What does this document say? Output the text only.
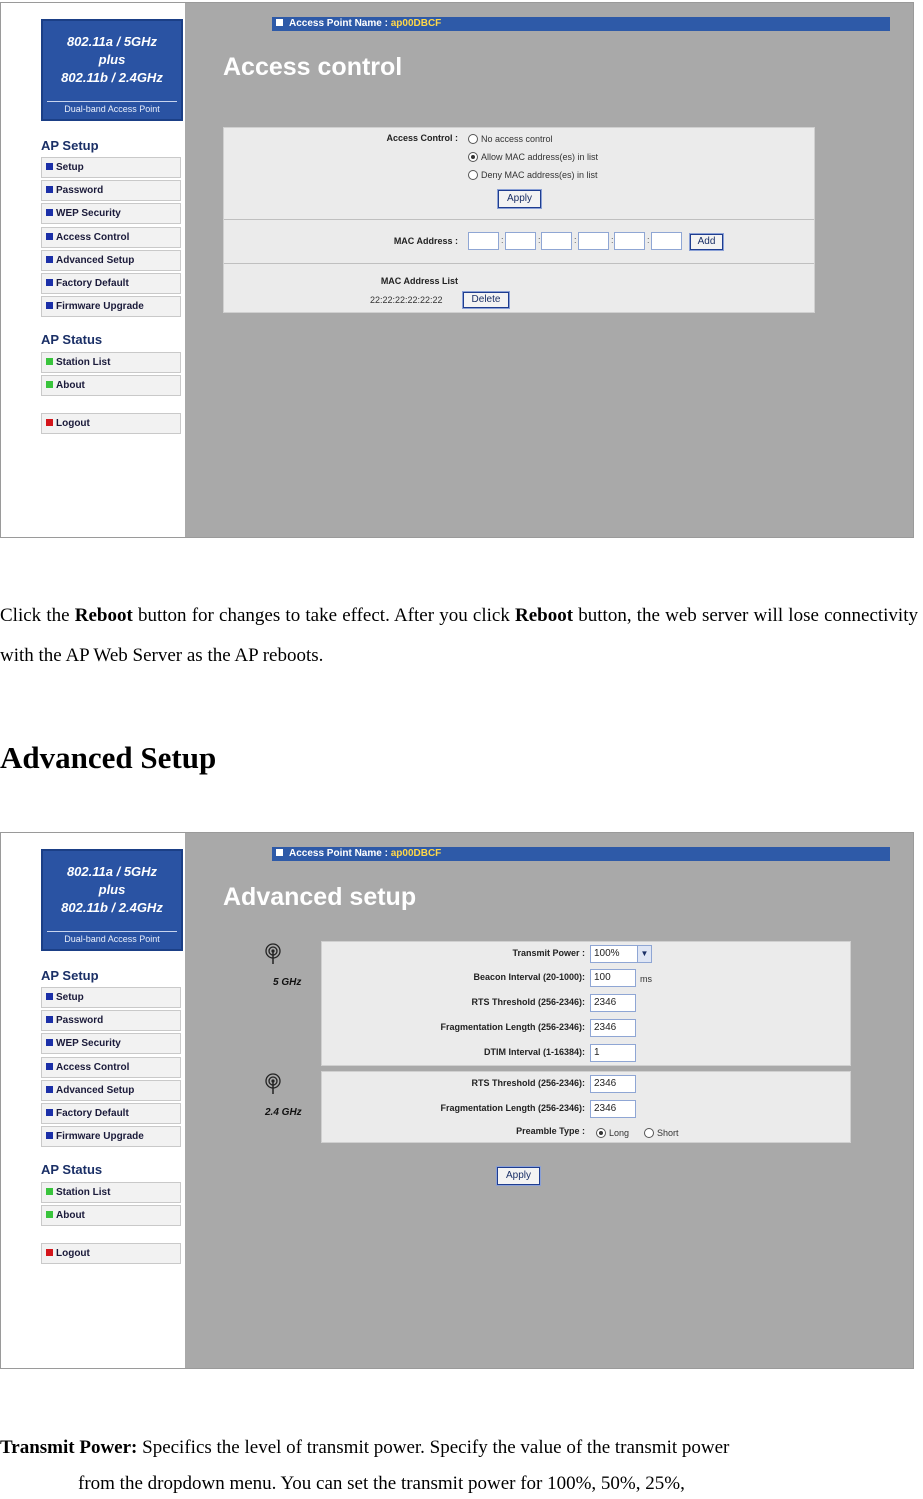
802.11a / 5GHz
plus
802.11b / 2.4GHz
Dual-band Access Point
AP Setup
Setup
Password
WEP Security
Access Control
Advanced Setup
Factory Default
Firmware Upgrade
AP Status
Station List
About
Logout
Access Point Name : ap00DBCF
Access control
Access Control :	No access control
Allow MAC address(es) in list
Deny MAC address(es) in list
Apply
MAC Address :	:	:	:	:	:	Add
MAC Address List
22:22:22:22:22:22	Delete
Click the Reboot button for changes to take effect. After you click Reboot button, the web server will lose connectivity with the AP Web Server as the AP reboots.
Advanced Setup
802.11a / 5GHz
plus
802.11b / 2.4GHz
Dual-band Access Point
AP Setup
Setup
Password
WEP Security
Access Control
Advanced Setup
Factory Default
Firmware Upgrade
AP Status
Station List
About
Logout
Access Point Name : ap00DBCF
Advanced setup
5 GHz
Transmit Power : 100%	▼
Beacon Interval (20-1000): 100	ms
RTS Threshold (256-2346): 2346
Fragmentation Length (256-2346): 2346
DTIM Interval (1-16384): 1
2.4 GHz
RTS Threshold (256-2346): 2346
Fragmentation Length (256-2346): 2346
Preamble Type :	Long	Short
Apply
Transmit Power: Specifics the level of transmit power. Specify the value of the transmit power
from the dropdown menu. You can set the transmit power for 100%, 50%, 25%,
